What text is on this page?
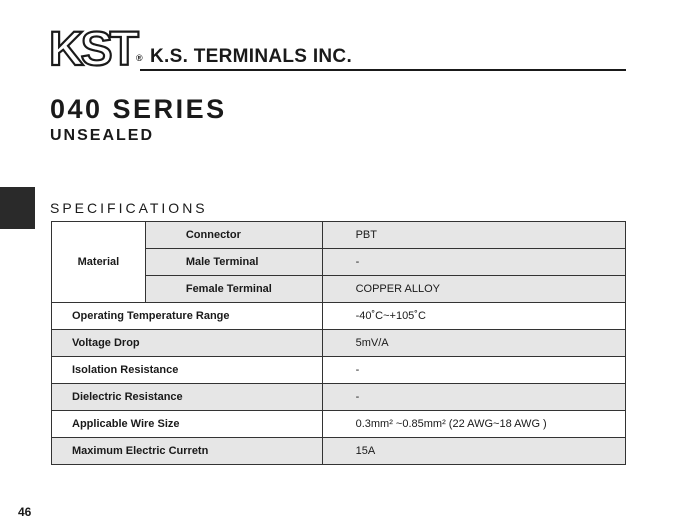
KST ® K.S. TERMINALS INC.
040 SERIES
UNSEALED
SPECIFICATIONS
Material	Connector	PBT
	Male Terminal	-
	Female Terminal	COPPER ALLOY
Operating Temperature Range		-40˚C~+105˚C
Voltage Drop		5mV/A
Isolation Resistance		-
Dielectric Resistance		-
Applicable Wire Size		0.3mm² ~0.85mm² (22 AWG~18 AWG )
Maximum Electric Curretn		15A
46
